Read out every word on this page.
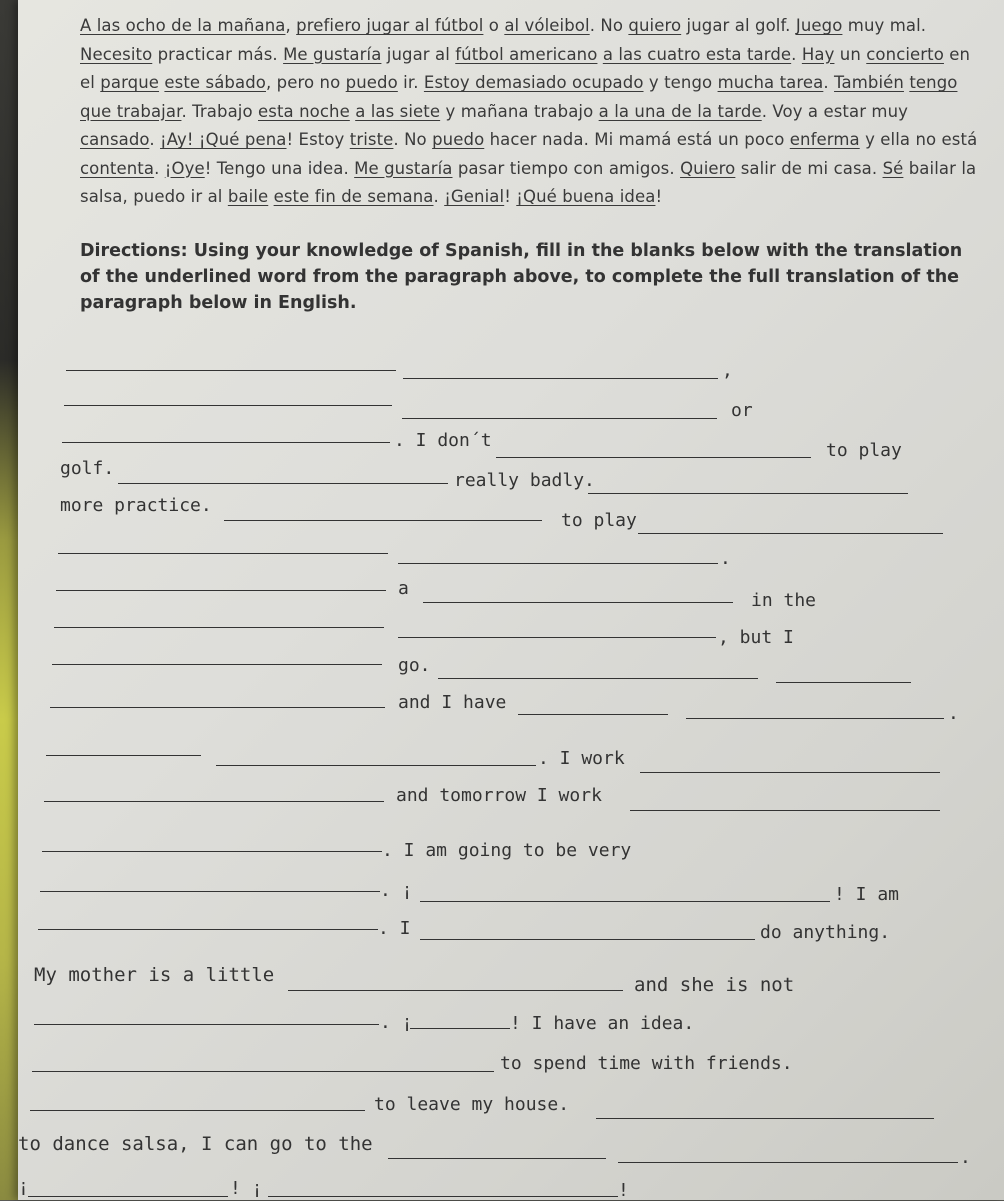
A las ocho de la mañana, prefiero jugar al fútbol o al vóleibol. No quiero jugar al golf. Juego muy mal. Necesito practicar más. Me gustaría jugar al fútbol americano a las cuatro esta tarde. Hay un concierto en el parque este sábado, pero no puedo ir. Estoy demasiado ocupado y tengo mucha tarea. También tengo que trabajar. Trabajo esta noche a las siete y mañana trabajo a la una de la tarde. Voy a estar muy cansado. ¡Ay! ¡Qué pena! Estoy triste. No puedo hacer nada. Mi mamá está un poco enferma y ella no está contenta. ¡Oye! Tengo una idea. Me gustaría pasar tiempo con amigos. Quiero salir de mi casa. Sé bailar la salsa, puedo ir al baile este fin de semana. ¡Genial! ¡Qué buena idea!
Directions: Using your knowledge of Spanish, fill in the blanks below with the translation of the underlined word from the paragraph above, to complete the full translation of the paragraph below in English.
,
or
. I don´t	to play
golf.
really badly.
more practice.
to play
.
a
in the
, but I
go.
and I have
.
. I work
and tomorrow I work
. I am going to be very
. ¡	! I am
. I	do anything.
My mother is a little	and she is not
. ¡	! I have an idea.
to spend time with friends.
to leave my house.
to dance salsa, I can go to the
.
¡	! ¡	!
